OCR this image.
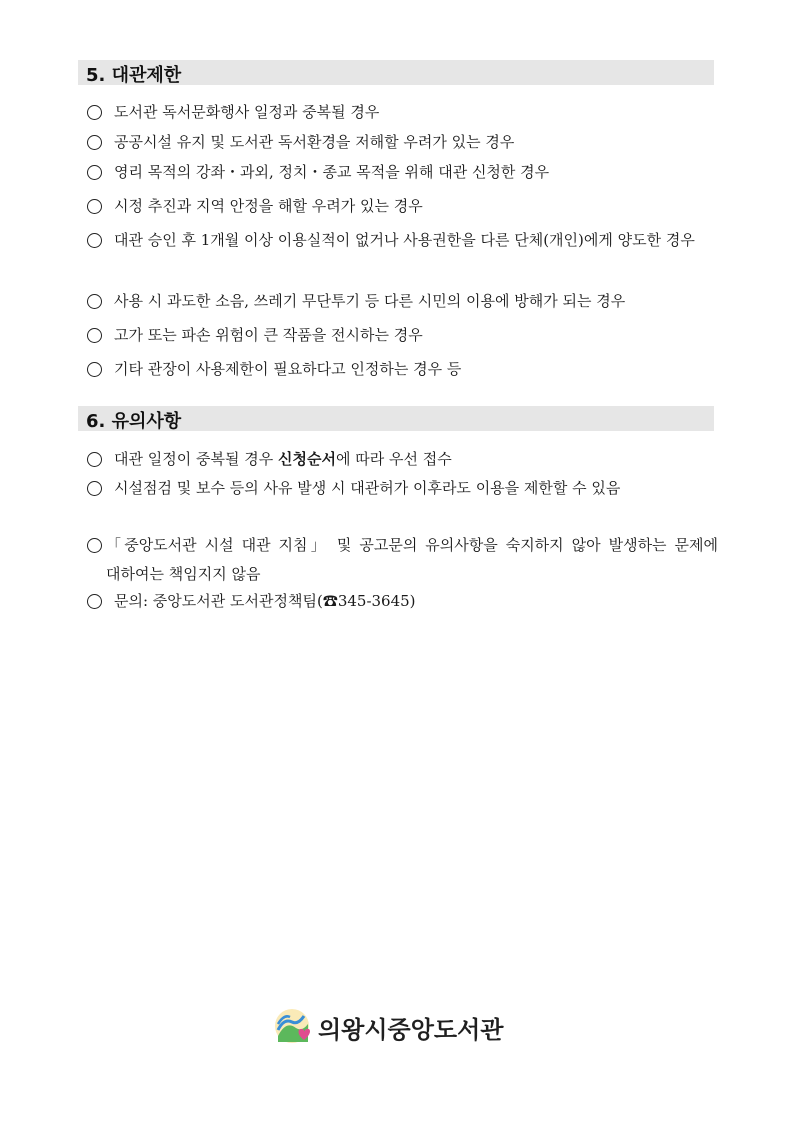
5. 대관제한
도서관 독서문화행사 일정과 중복될 경우
공공시설 유지 및 도서관 독서환경을 저해할 우려가 있는 경우
영리 목적의 강좌・과외, 정치・종교 목적을 위해 대관 신청한 경우
시정 추진과 지역 안정을 해할 우려가 있는 경우
대관 승인 후 1개월 이상 이용실적이 없거나 사용권한을 다른 단체(개인)에게 양도한 경우
사용 시 과도한 소음, 쓰레기 무단투기 등 다른 시민의 이용에 방해가 되는 경우
고가 또는 파손 위험이 큰 작품을 전시하는 경우
기타 관장이 사용제한이 필요하다고 인정하는 경우 등
6. 유의사항
대관 일정이 중복될 경우 신청순서에 따라 우선 접수
시설점검 및 보수 등의 사유 발생 시 대관허가 이후라도 이용을 제한할 수 있음
「중앙도서관 시설 대관 지침」 및 공고문의 유의사항을 숙지하지 않아 발생하는 문제에 대하여는 책임지지 않음
문의: 중앙도서관 도서관정책팀(☎345-3645)
의왕시중앙도서관
